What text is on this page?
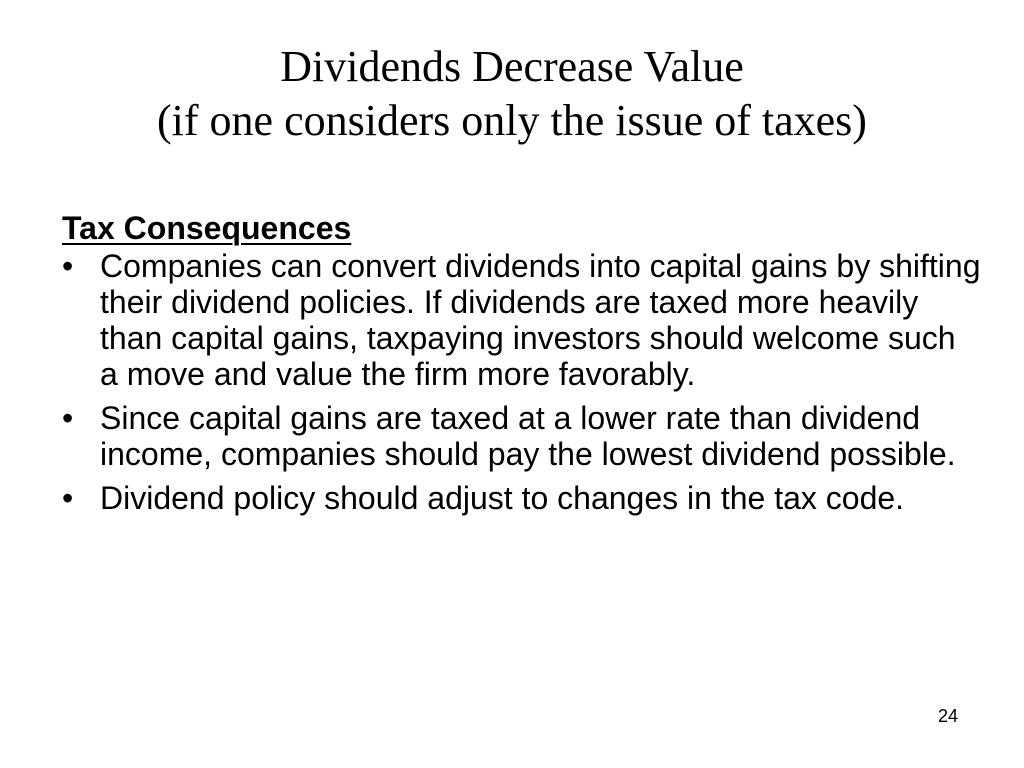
Dividends Decrease Value
(if one considers only the issue of taxes)
Tax Consequences
• Companies can convert dividends into capital gains by shifting their dividend policies. If dividends are taxed more heavily than capital gains, taxpaying investors should welcome such a move and value the firm more favorably.
• Since capital gains are taxed at a lower rate than dividend income, companies should pay the lowest dividend possible.
• Dividend policy should adjust to changes in the tax code.
24
